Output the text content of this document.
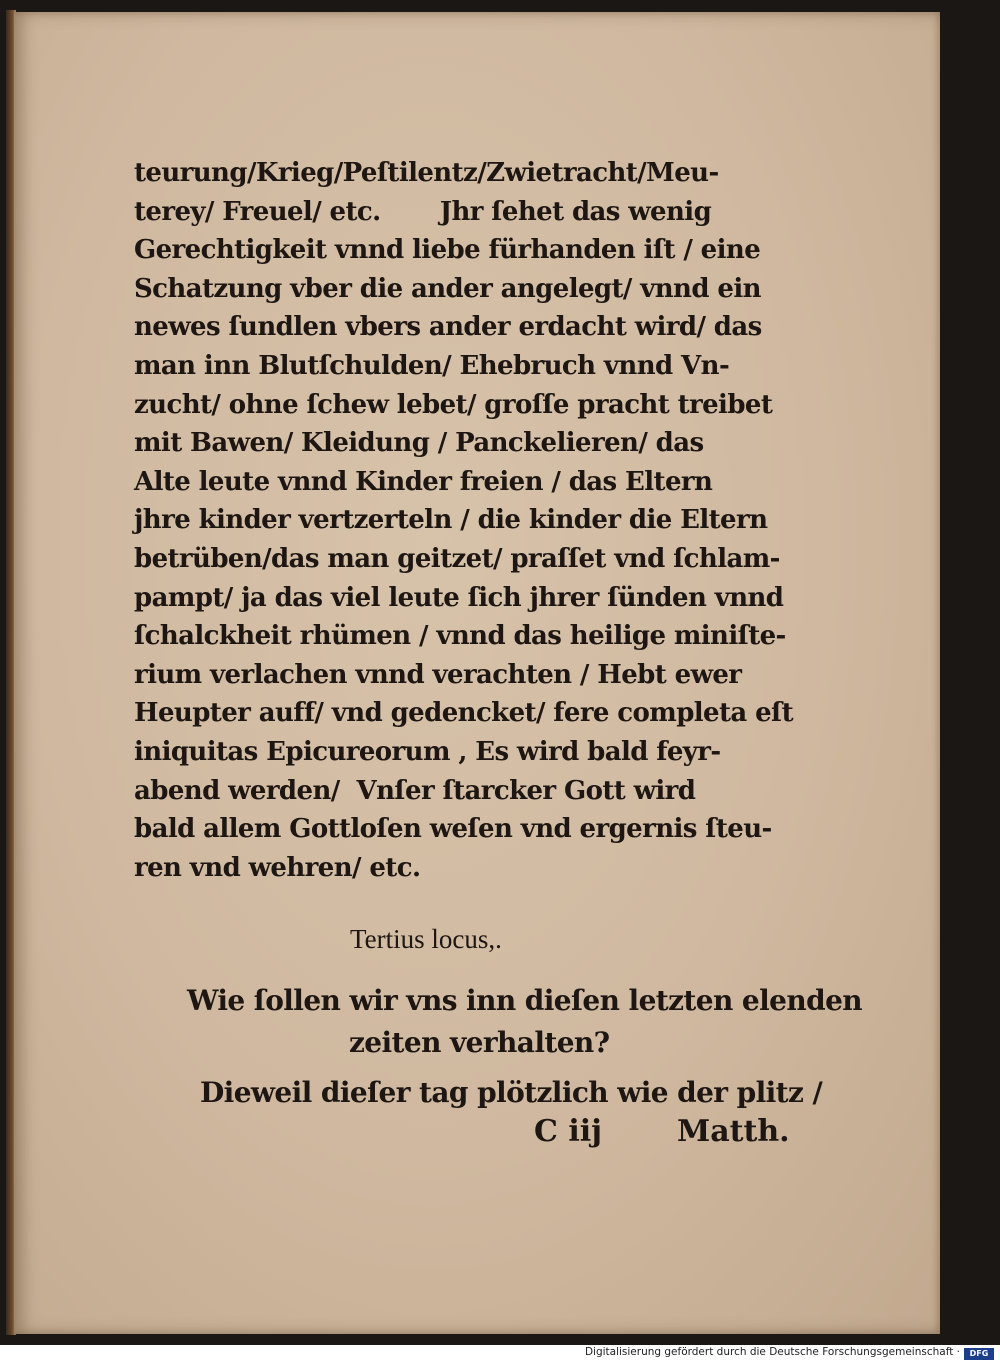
teurung/Krieg/Peſtilentz/Zwietracht/Meu-
terey/ Freuel/ etc.       Jhr ſehet das wenig
Gerechtigkeit vnnd liebe fürhanden iſt / eine
Schatzung vber die ander angelegt/ vnnd ein
newes ſundlen vbers ander erdacht wird/ das
man inn Blutſchulden/ Ehebruch vnnd Vn-
zucht/ ohne ſchew lebet/ groſſe pracht treibet
mit Bawen/ Kleidung / Panckelieren/ das
Alte leute vnnd Kinder freien / das Eltern
jhre kinder vertzerteln / die kinder die Eltern
betrüben/das man geitzet/ praſſet vnd ſchlam-
pampt/ ja das viel leute ſich jhrer ſünden vnnd
ſchalckheit rhümen / vnnd das heilige miniſte-
rium verlachen vnnd verachten / Hebt ewer
Heupter auff/ vnd gedencket/ fere completa eſt
iniquitas Epicureorum , Es wird bald feyr-
abend werden/  Vnſer ſtarcker Gott wird
bald allem Gottloſen weſen vnd ergernis ſteu-
ren vnd wehren/ etc.
Tertius locus,.
Wie ſollen wir vns inn dieſen letzten elenden
zeiten verhalten?
Dieweil dieſer tag plötzlich wie der plitz /
C iij	Matth.
Digitalisierung gefördert durch die Deutsche Forschungsgemeinschaft ·	DFG
